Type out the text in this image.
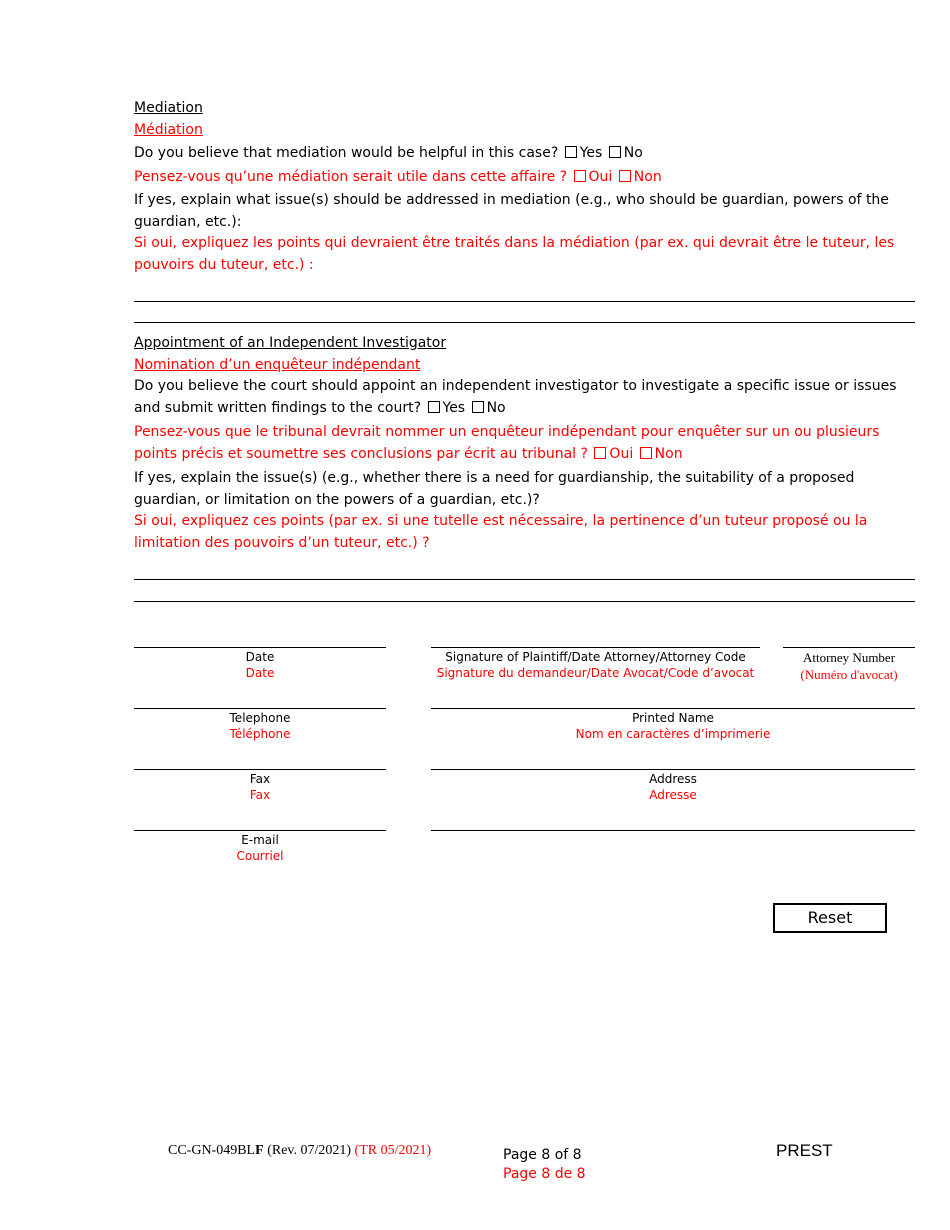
Mediation
Médiation
Do you believe that mediation would be helpful in this case? Yes No
Pensez-vous qu’une médiation serait utile dans cette affaire ? Oui Non
If yes, explain what issue(s) should be addressed in mediation (e.g., who should be guardian, powers of the guardian, etc.):
Si oui, expliquez les points qui devraient être traités dans la médiation (par ex. qui devrait être le tuteur, les pouvoirs du tuteur, etc.) :
Appointment of an Independent Investigator
Nomination d’un enquêteur indépendant
Do you believe the court should appoint an independent investigator to investigate a specific issue or issues and submit written findings to the court? Yes No
Pensez-vous que le tribunal devrait nommer un enquêteur indépendant pour enquêter sur un ou plusieurs points précis et soumettre ses conclusions par écrit au tribunal ? Oui Non
If yes, explain the issue(s) (e.g., whether there is a need for guardianship, the suitability of a proposed guardian, or limitation on the powers of a guardian, etc.)?
Si oui, expliquez ces points (par ex. si une tutelle est nécessaire, la pertinence d’un tuteur proposé ou la limitation des pouvoirs d’un tuteur, etc.) ?
Date
Date
Signature of Plaintiff/Date Attorney/Attorney Code
Signature du demandeur/Date Avocat/Code d’avocat
Attorney Number
(Numéro d'avocat)
Telephone
Téléphone
Printed Name
Nom en caractères d’imprimerie
Fax
Fax
Address
Adresse
E-mail
Courriel
Reset
CC-GN-049BLF (Rev. 07/2021) (TR 05/2021)	Page 8 of 8
Page 8 de 8
PREST
